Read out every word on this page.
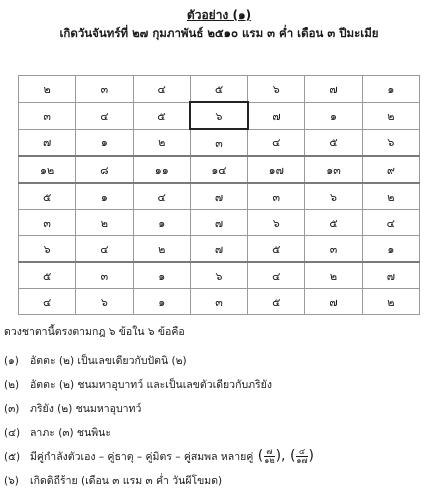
ตัวอย่าง (๑)
เกิดวันจันทร์ที่ ๒๗ กุมภาพันธ์ ๒๕๑๐ แรม ๓ ค่ำ เดือน ๓ ปีมะเมีย
๒	๓	๔	๕	๖	๗	๑
๓	๔	๕	๖	๗	๑	๒
๗	๑	๒	๓	๔	๕	๖
๑๒	๘	๑๑	๑๔	๑๗	๑๓	๙
๕	๑	๔	๗	๓	๖	๒
๓	๒	๑	๗	๖	๕	๔
๖	๔	๒	๗	๕	๓	๑
๕	๓	๑	๖	๔	๒	๗
๔	๖	๑	๓	๕	๗	๒
ดวงชาตานี้ตรงตามกฎ ๖ ข้อใน ๖ ข้อคือ
(๑)	อัตตะ (๒) เป็นเลขเดียวกับปัตนิ (๒)
(๒)	อัตตะ (๒) ชนมหาอุบาทว์ และเป็นเลขตัวเดียวกับภริยัง
(๓)	ภริยัง (๒) ชนมหาอุบาทว์
(๔) ลาภะ (๓) ชนพินะ
(๕) มีคู่กำลังตัวเอง – คู่ธาตุ – คู่มิตร – คู่สมพล หลายคู่ ( $\frac{๗}{๑๒}$ ), ( $\frac{๔}{๑๗}$ )
(๖)	เกิดดิถีร้าย (เดือน ๓ แรม ๓ ค่ำ วันผีโขมด)
